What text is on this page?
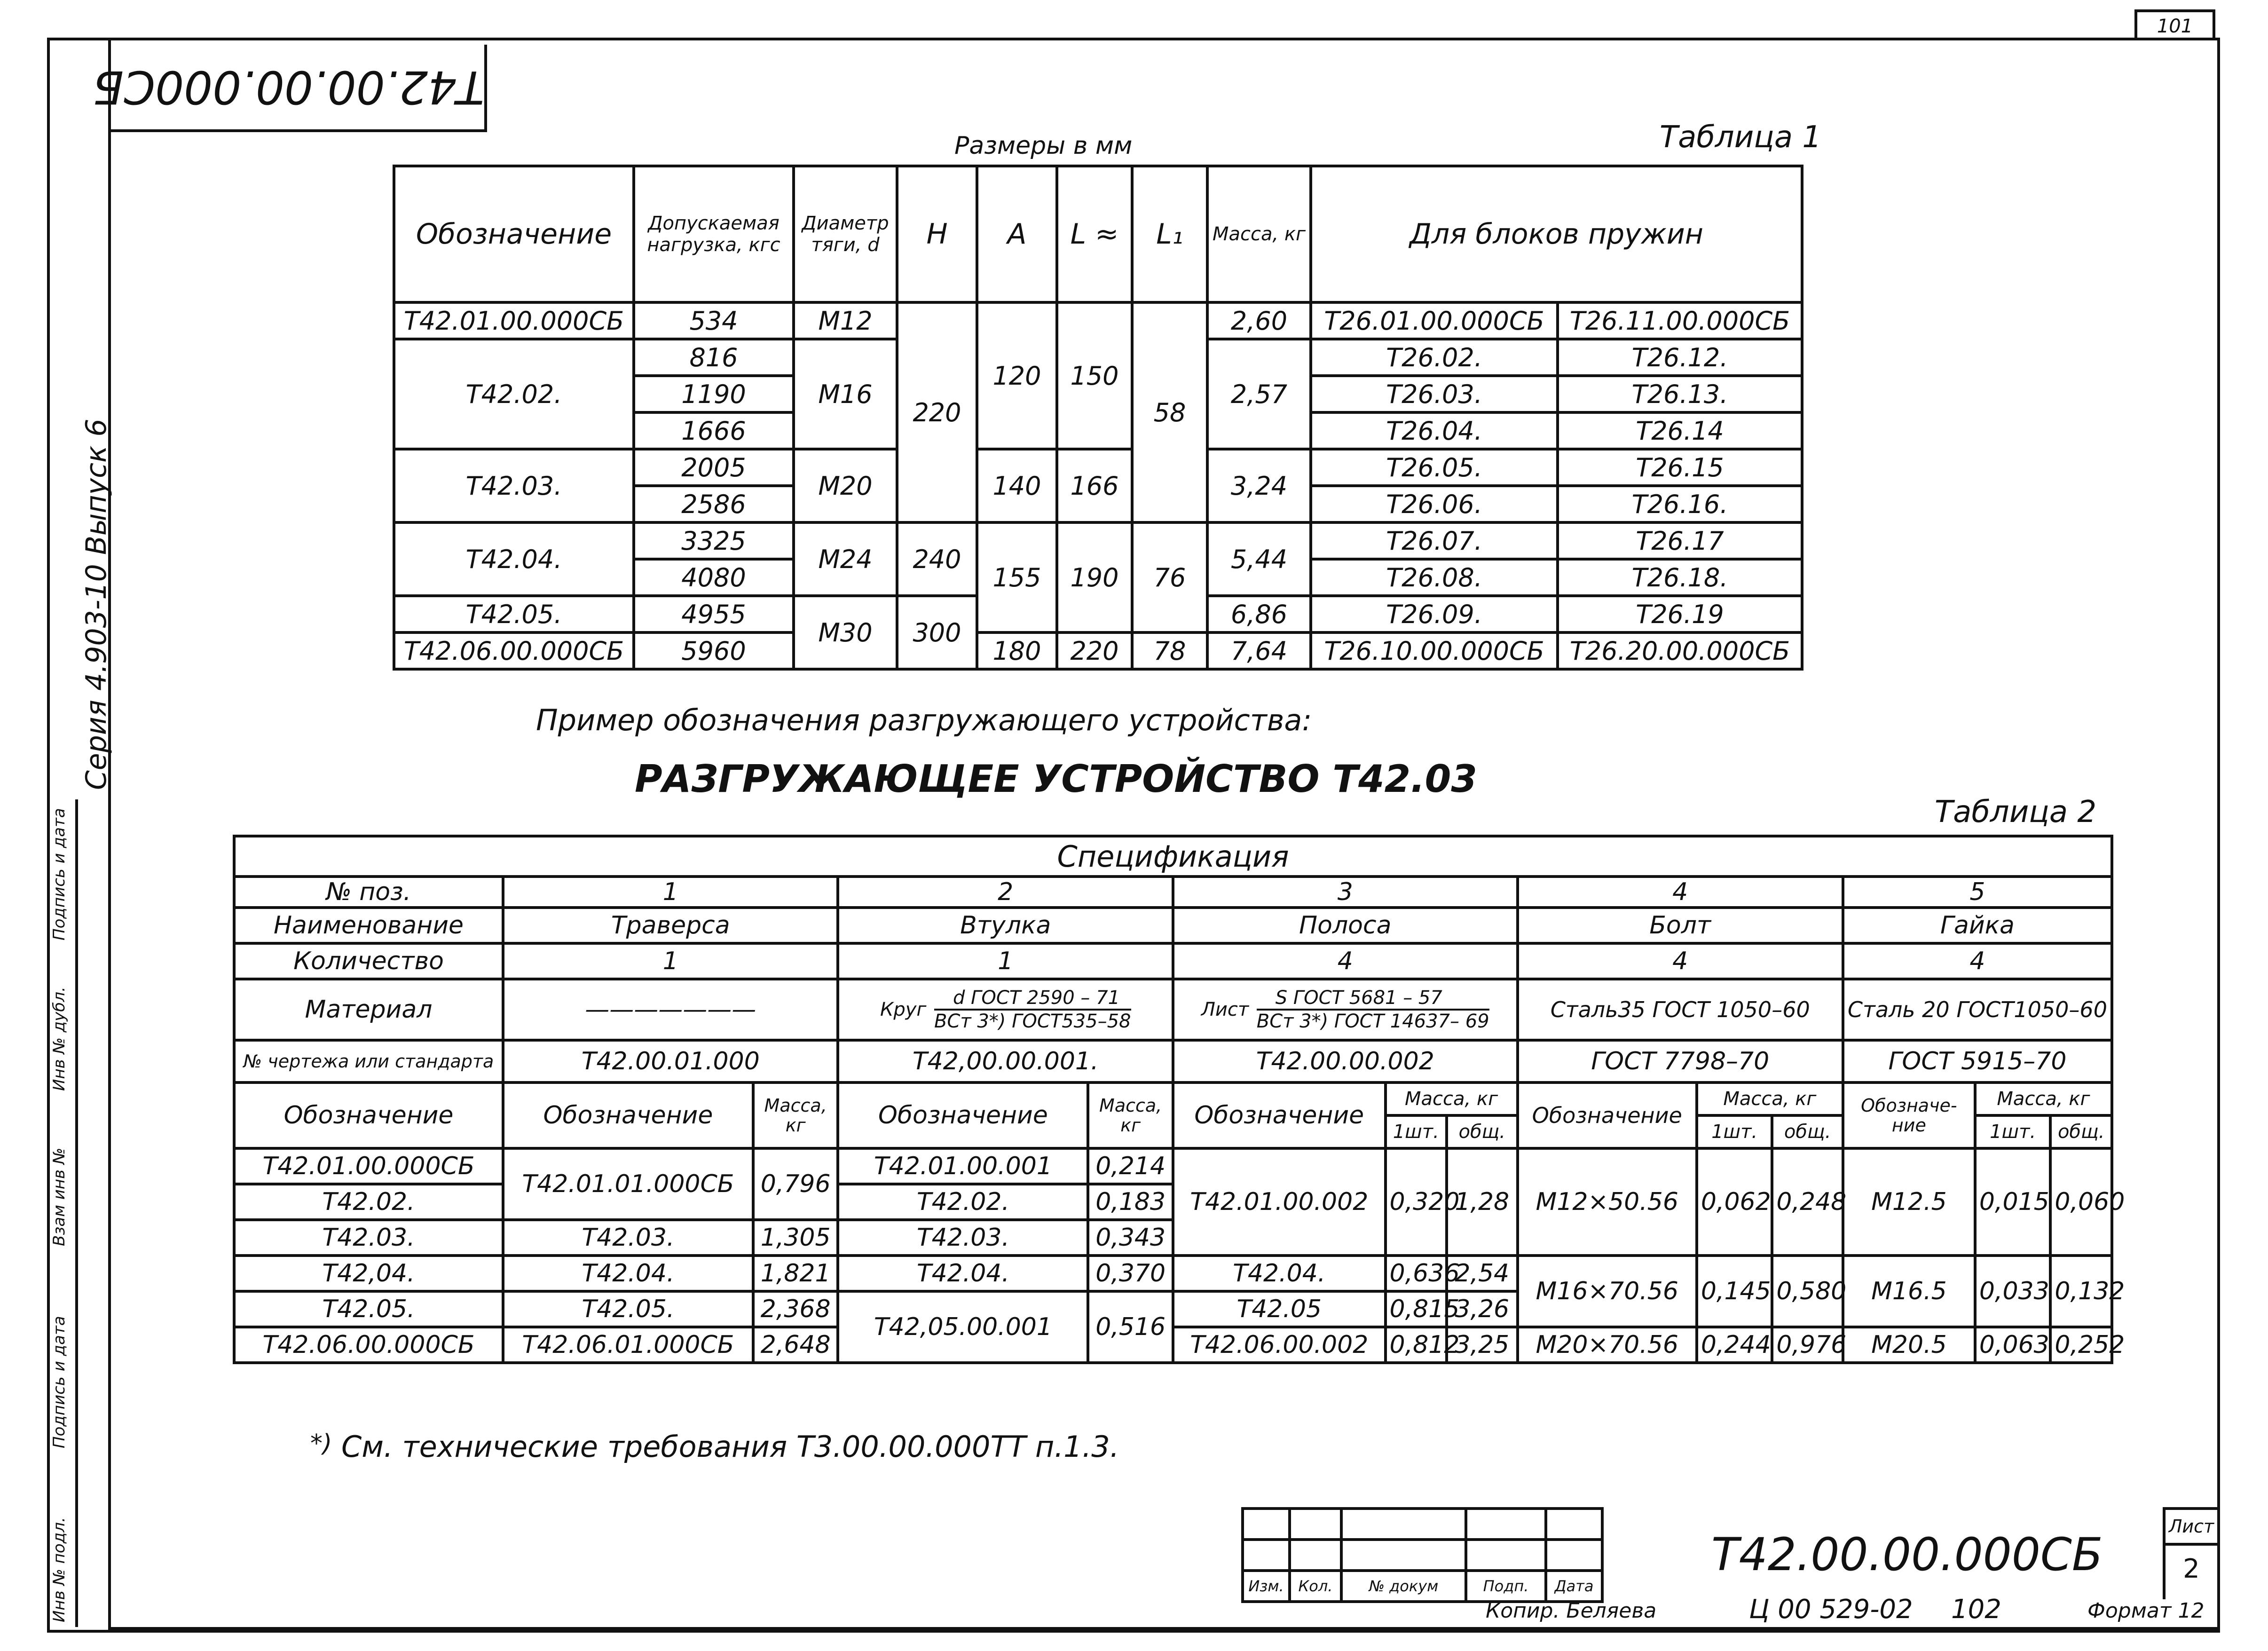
101
Т42.00.00.000СБ
Инв № подл.
Подпись и дата
Взам инв №
Инв № дубл.
Подпись и дата
Серия 4.903-10 Выпуск 6
Размеры в мм	Таблица 1
Обозначение	Допускаемая нагрузка, кгс	Диаметр тяги, d	H	A	L ≈	L₁	Масса, кг	Для блоков пружин	
Т42.01.00.000СБ	534	М12	220	120	150	58	2,60	Т26.01.00.000СБ	Т26.11.00.000СБ
Т42.02.	816	М16					2,57	Т26.02.	Т26.12.
	1190							Т26.03.	Т26.13.
	1666							Т26.04.	Т26.14
Т42.03.	2005	М20		140	166		3,24	Т26.05.	Т26.15
	2586							Т26.06.	Т26.16.
Т42.04.	3325	М24	240	155	190	76	5,44	Т26.07.	Т26.17
	4080							Т26.08.	Т26.18.
Т42.05.	4955	М30	300				6,86	Т26.09.	Т26.19
Т42.06.00.000СБ	5960			180	220	78	7,64	Т26.10.00.000СБ	Т26.20.00.000СБ
Пример обозначения разгружающего устройства:
РАЗГРУЖАЮЩЕЕ УСТРОЙСТВО Т42.03
Таблица 2
Спецификация													
№ поз.	1		2		3			4			5		
Наименование	Траверса		Втулка		Полоса			Болт			Гайка		
Количество	1		1		4			4			4		
Материал	———————		Круг $\frac{\text{d ГОСТ 2590 – 71}}{\text{ВСт 3*) ГОСТ535–58}}$		Лист $\frac{\text{S ГОСТ 5681 – 57}}{\text{ВСт 3*) ГОСТ 14637– 69}}$			Сталь35 ГОСТ 1050–60			Сталь 20 ГОСТ1050–60		
№ чертежа или стандарта	Т42.00.01.000		Т42,00.00.001.		Т42.00.00.002			ГОСТ 7798–70			ГОСТ 5915–70		
Обозначение	Обозначение	Масса, кг	Обозначение	Масса, кг	Обозначение	Масса, кг		Обозначение	Масса, кг		Обозначе-ние	Масса, кг	
						1шт.	общ.		1шт.	общ.		1шт.	общ.
Т42.01.00.000СБ	Т42.01.01.000СБ	0,796	Т42.01.00.001	0,214	Т42.01.00.002	0,320	1,28	М12×50.56	0,062	0,248	М12.5	0,015	0,060
Т42.02.			Т42.02.	0,183									
Т42.03.	Т42.03.	1,305	Т42.03.	0,343									
Т42,04.	Т42.04.	1,821	Т42.04.	0,370	Т42.04.	0,636	2,54	М16×70.56	0,145	0,580	М16.5	0,033	0,132
Т42.05.	Т42.05.	2,368	Т42,05.00.001	0,516	Т42.05	0,815	3,26						
Т42.06.00.000СБ	Т42.06.01.000СБ	2,648			Т42.06.00.002	0,812	3,25	М20×70.56	0,244	0,976	М20.5	0,063	0,252
*) См. технические требования Т3.00.00.000ТТ п.1.3.

Изм.	Кол.	№ докум	Подп.	Дата
Т42.00.00.000СБ
Лист
2
Копир. Беляева	Ц 00 529-02 102	Формат 12
